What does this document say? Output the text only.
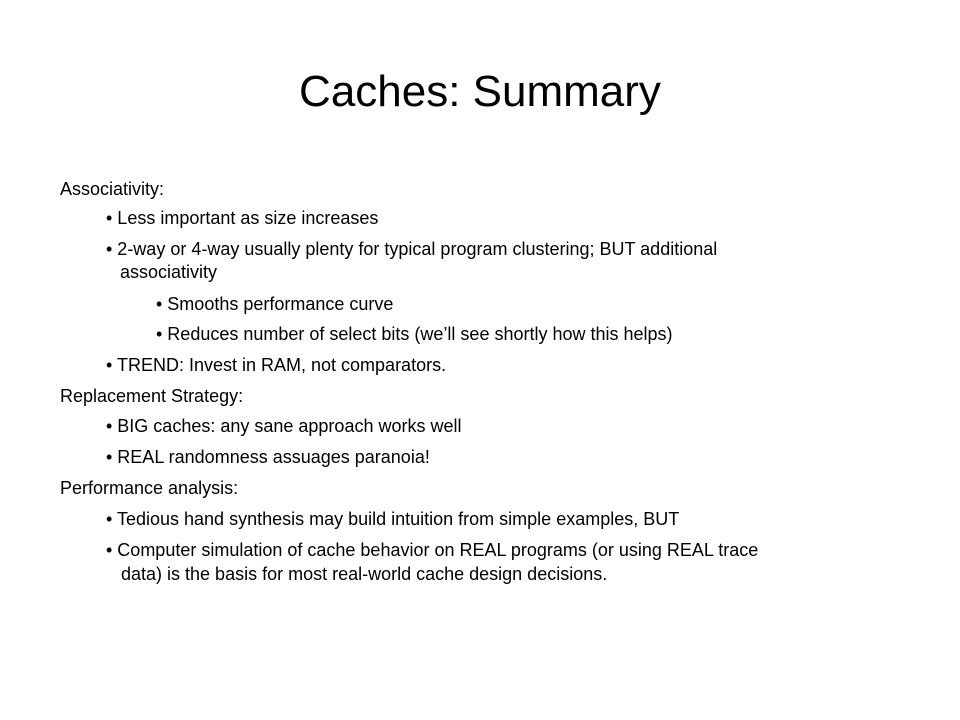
Caches: Summary

Associativity:

• Less important as size increases

• 2-way or 4-way usually plenty for typical program clustering; BUT additional

associativity

• Smooths performance curve

• Reduces number of select bits (we’ll see shortly how this helps)

• TREND: Invest in RAM, not comparators.

Replacement Strategy:

• BIG caches: any sane approach works well

• REAL randomness assuages paranoia!

Performance analysis:

• Tedious hand synthesis may build intuition from simple examples, BUT

• Computer simulation of cache behavior on REAL programs (or using REAL trace

data) is the basis for most real-world cache design decisions.
